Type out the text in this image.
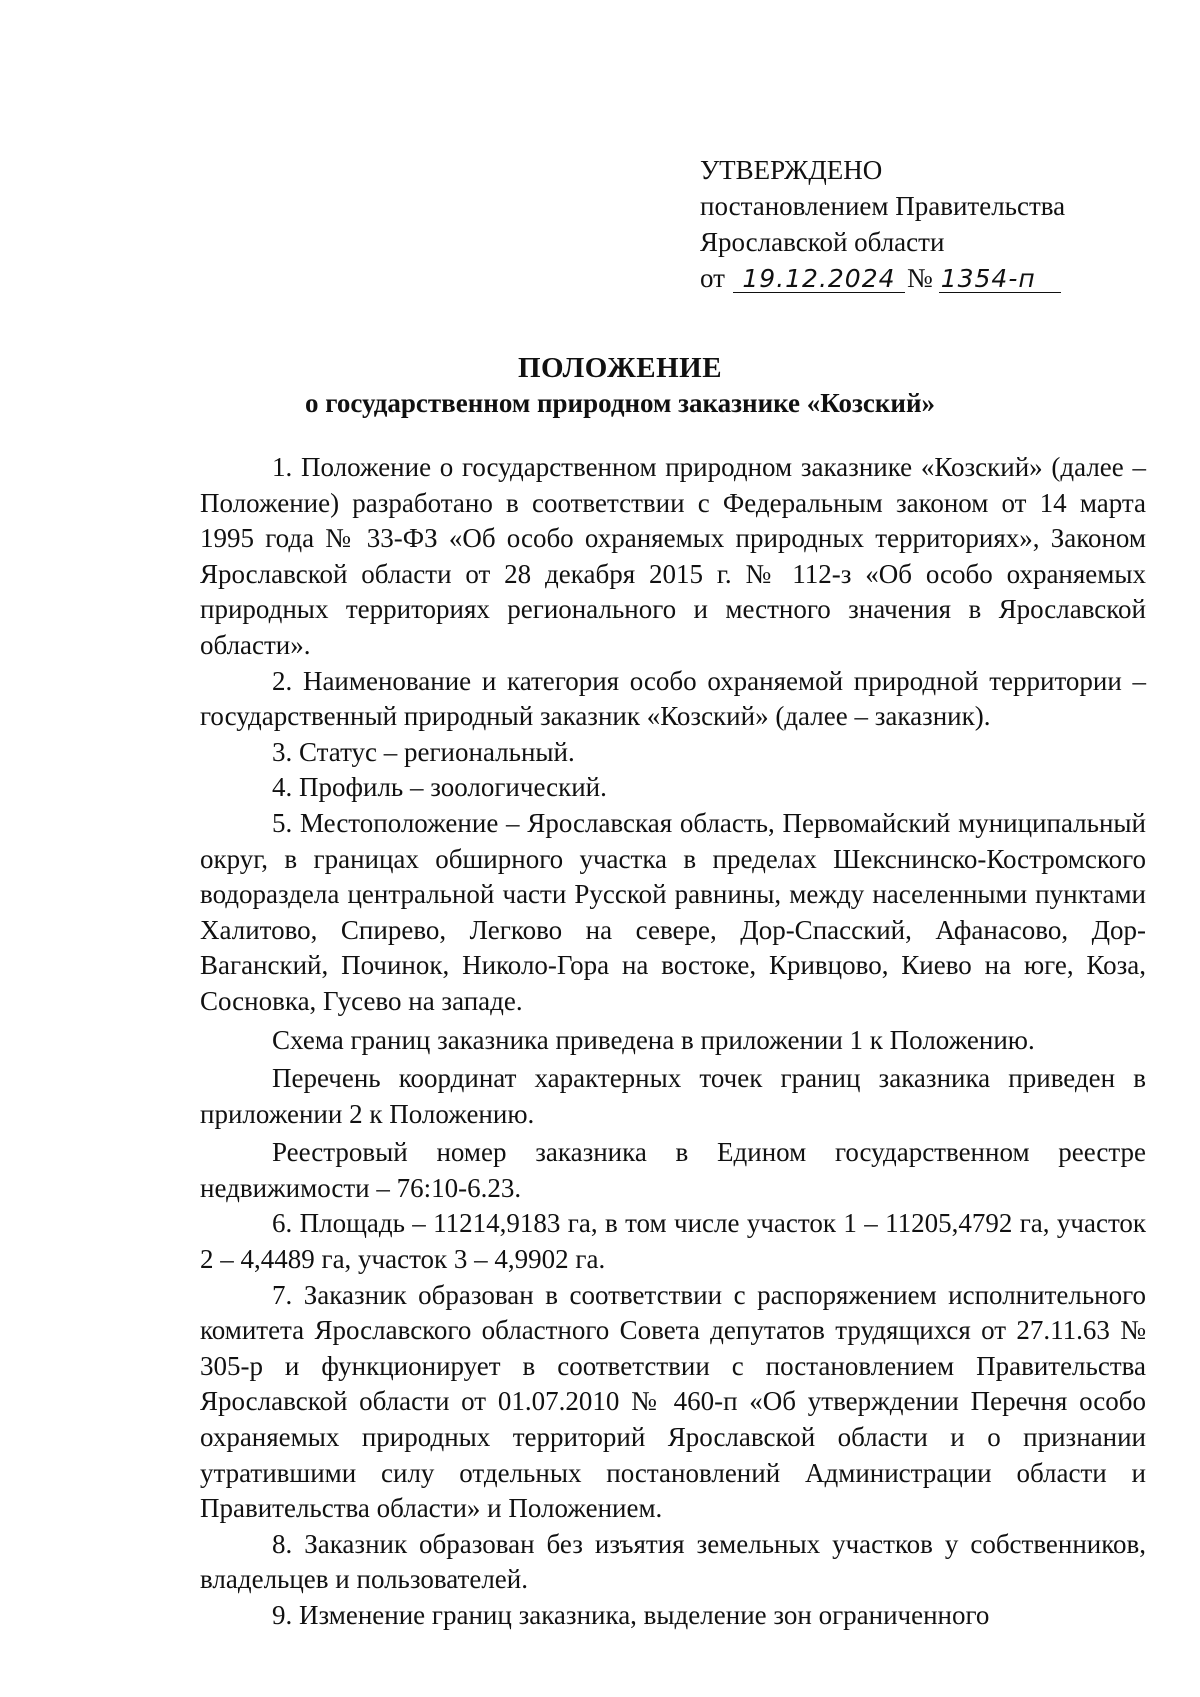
УТВЕРЖДЕНО
постановлением Правительства
Ярославской области
от 19.12.2024 № 1354-п
ПОЛОЖЕНИЕ
о государственном природном заказнике «Козский»

1. Положение о государственном природном заказнике «Козский» (далее – Положение) разработано в соответствии с Федеральным законом от 14 марта 1995 года № 33-ФЗ «Об особо охраняемых природных территориях», Законом Ярославской области от 28 декабря 2015 г. № 112-з «Об особо охраняемых природных территориях регионального и местного значения в Ярославской области».

2. Наименование и категория особо охраняемой природной территории – государственный природный заказник «Козский» (далее – заказник).

3. Статус – региональный.

4. Профиль – зоологический.

5. Местоположение – Ярославская область, Первомайский муниципальный округ, в границах обширного участка в пределах Шекснинско-Костромского водораздела центральной части Русской равнины, между населенными пунктами Халитово, Спирево, Легково на севере, Дор-Спасский, Афанасово, Дор-Ваганский, Починок, Николо-Гора на востоке, Кривцово, Киево на юге, Коза, Сосновка, Гусево на западе.

Схема границ заказника приведена в приложении 1 к Положению.

Перечень координат характерных точек границ заказника приведен в приложении 2 к Положению.

Реестровый номер заказника в Едином государственном реестре недвижимости – 76:10-6.23.

6. Площадь – 11214,9183 га, в том числе участок 1 – 11205,4792 га, участок 2 – 4,4489 га, участок 3 – 4,9902 га.

7. Заказник образован в соответствии с распоряжением исполнительного комитета Ярославского областного Совета депутатов трудящихся от 27.11.63 № 305-р и функционирует в соответствии с постановлением Правительства Ярославской области от 01.07.2010 № 460-п «Об утверждении Перечня особо охраняемых природных территорий Ярославской области и о признании утратившими силу отдельных постановлений Администрации области и Правительства области» и Положением.

8. Заказник образован без изъятия земельных участков у собственников, владельцев и пользователей.

9. Изменение границ заказника, выделение зон ограниченного
